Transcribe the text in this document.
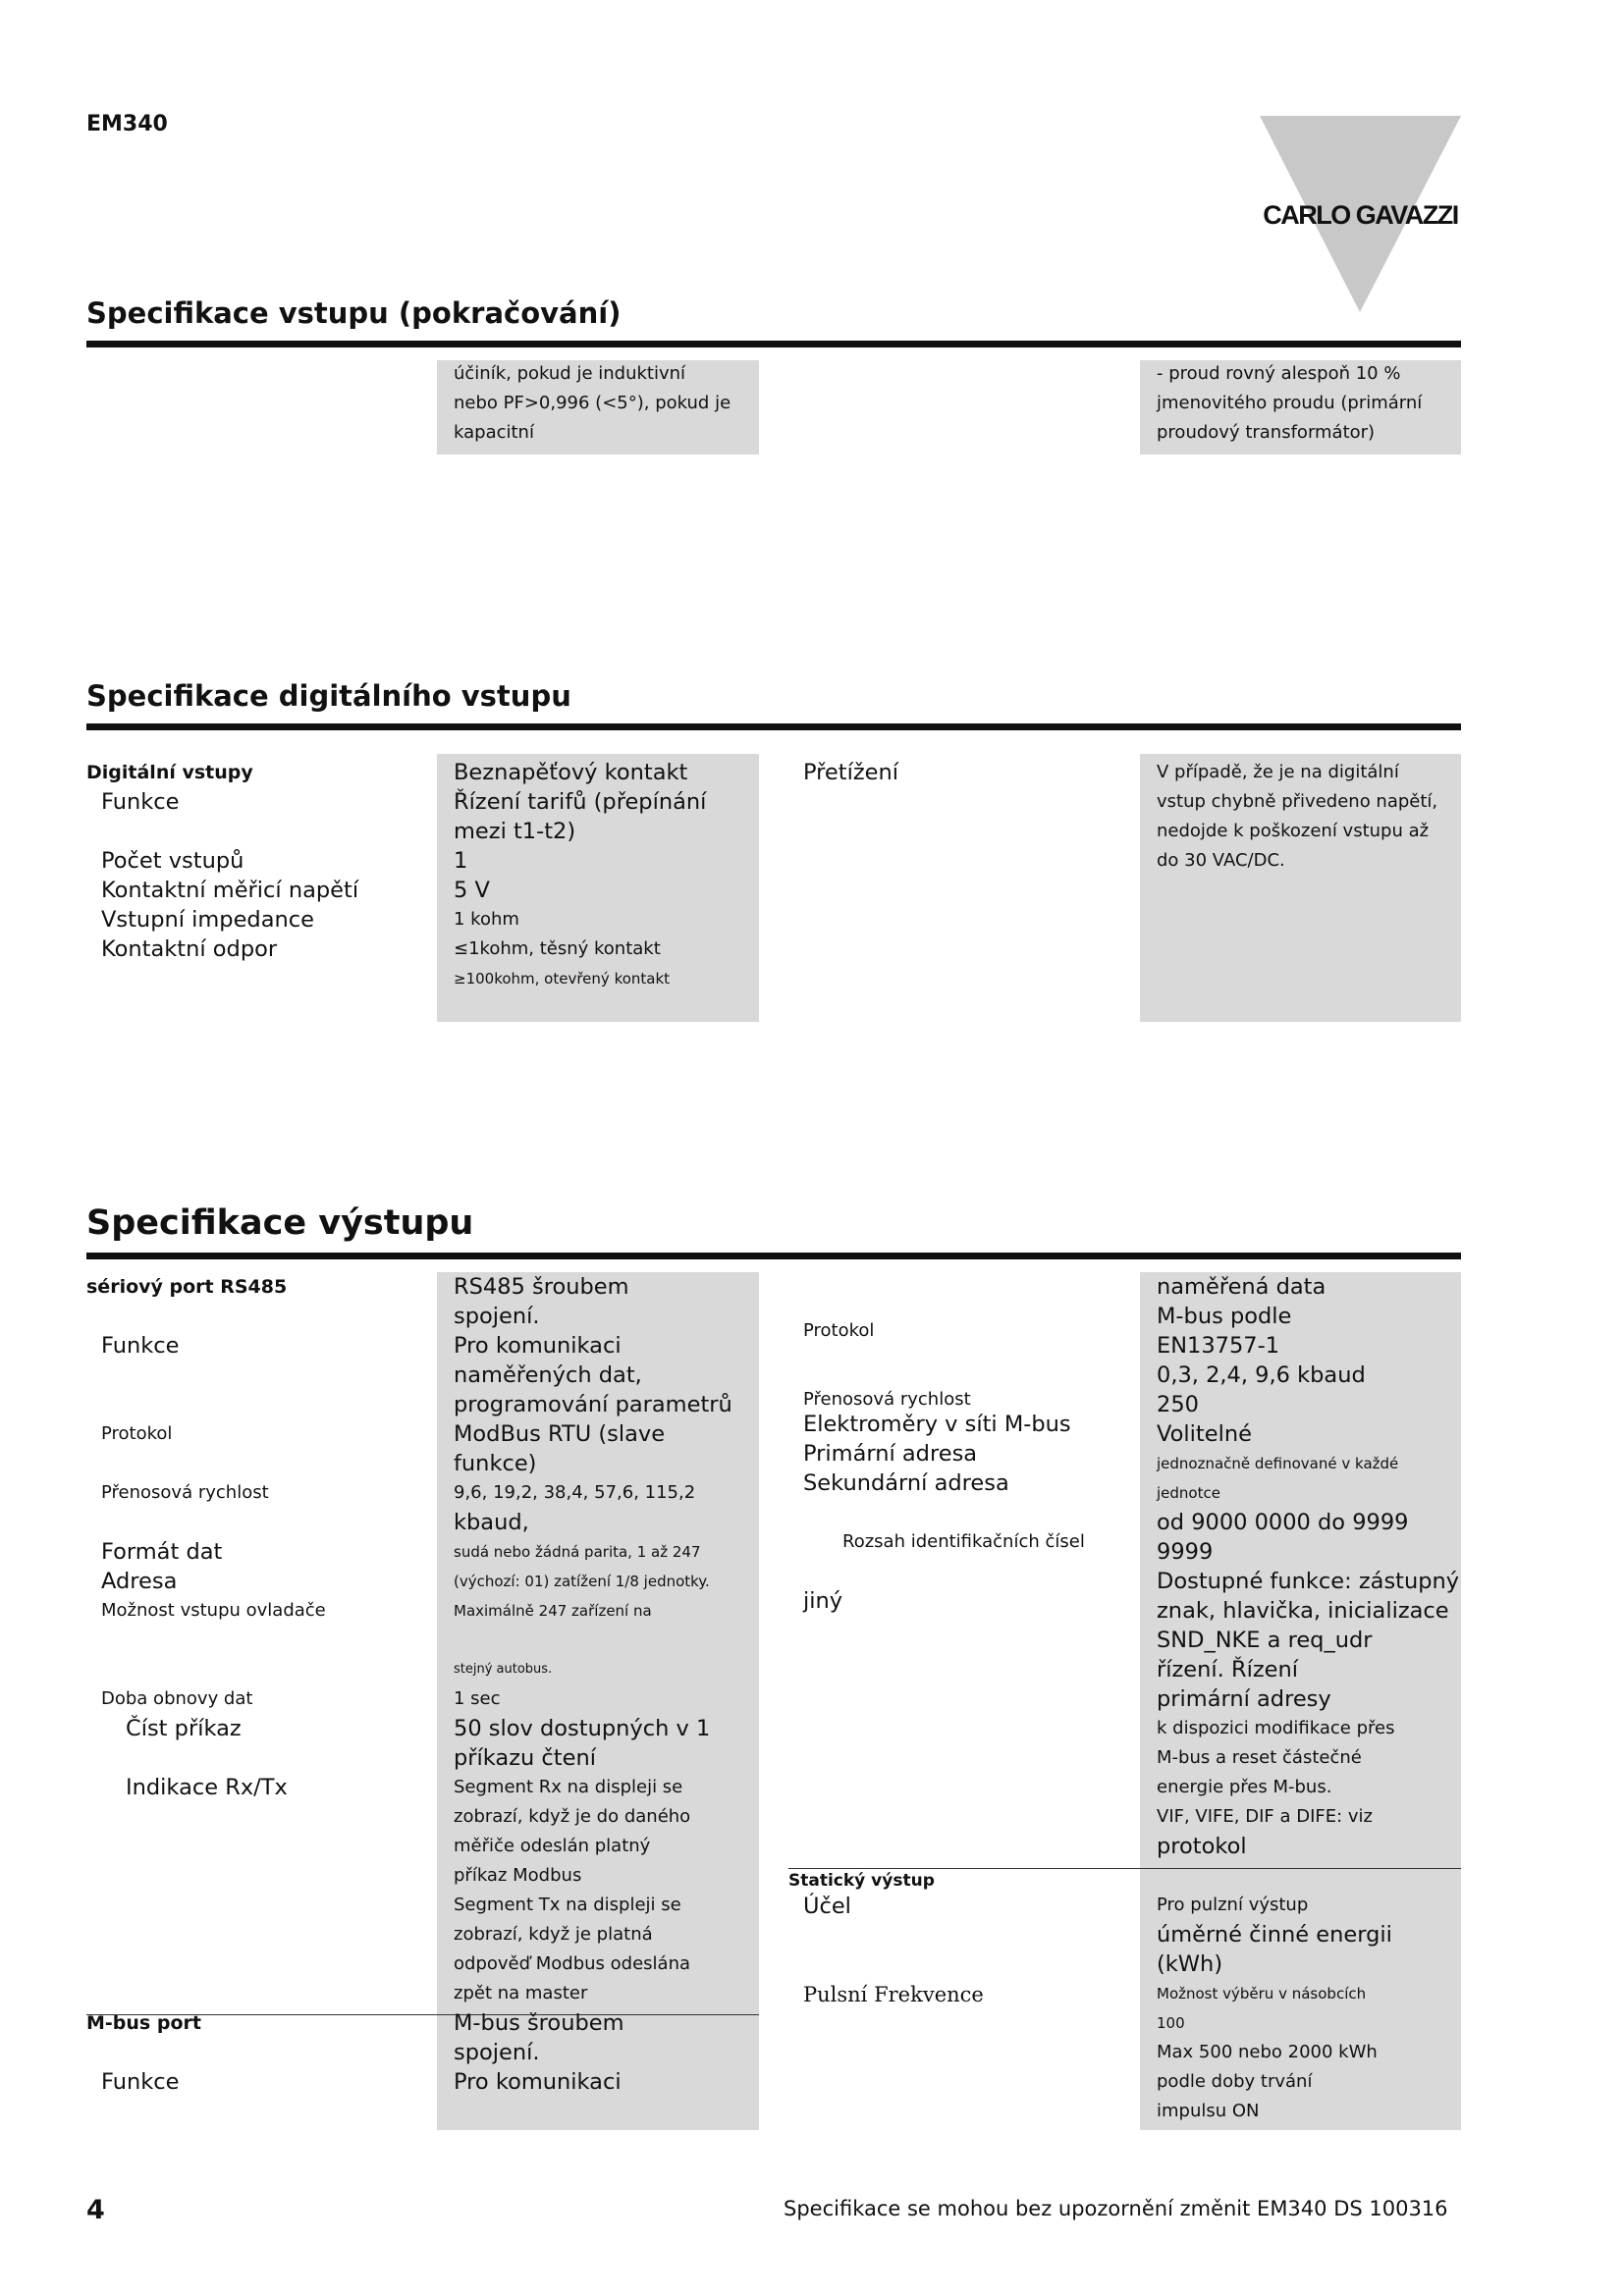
EM340
CARLO GAVAZZI
Specifikace vstupu (pokračování)
účiník, pokud je induktivní
nebo PF>0,996 (<5°), pokud je
kapacitní
- proud rovný alespoň 10 %
jmenovitého proudu (primární
proudový transformátor)
Specifikace digitálního vstupu
Digitální vstupy
Funkce
Počet vstupů
Kontaktní měřicí napětí
Vstupní impedance
Kontaktní odpor
Beznapěťový kontakt
Řízení tarifů (přepínání
mezi t1-t2)
1
5 V
1 kohm
≤1kohm, těsný kontakt
≥100kohm, otevřený kontakt
Přetížení	V případě, že je na digitální
vstup chybně přivedeno napětí,
nedojde k poškození vstupu až
do 30 VAC/DC.
Specifikace výstupu
sériový port RS485
Funkce
Protokol
Přenosová rychlost
Formát dat
Adresa
Možnost vstupu ovladače
Doba obnovy dat
Číst příkaz
Indikace Rx/Tx
M-bus port
Funkce
RS485 šroubem
spojení.
Pro komunikaci
naměřených dat,
programování parametrů
ModBus RTU (slave
funkce)
9,6, 19,2, 38,4, 57,6, 115,2
kbaud,
sudá nebo žádná parita, 1 až 247
(výchozí: 01) zatížení 1/8 jednotky.
Maximálně 247 zařízení na
stejný autobus.
1 sec
50 slov dostupných v 1
příkazu čtení
Segment Rx na displeji se
zobrazí, když je do daného
měřiče odeslán platný
příkaz Modbus
Segment Tx na displeji se
zobrazí, když je platná
odpověď Modbus odeslána
zpět na master
M-bus šroubem
spojení.
Pro komunikaci
Protokol
Přenosová rychlost
Elektroměry v síti M-bus
Primární adresa
Sekundární adresa
Rozsah identifikačních čísel
jiný
Statický výstup
Účel
Pulsní Frekvence
naměřená data
M-bus podle
EN13757-1
0,3, 2,4, 9,6 kbaud
250
Volitelné
jednoznačně definované v každé
jednotce
od 9000 0000 do 9999
9999
Dostupné funkce: zástupný
znak, hlavička, inicializace
SND_NKE a req_udr
řízení. Řízení
primární adresy
k dispozici modifikace přes
M-bus a reset částečné
energie přes M-bus.
VIF, VIFE, DIF a DIFE: viz
protokol
Pro pulzní výstup
úměrné činné energii
(kWh)
Možnost výběru v násobcích
100
Max 500 nebo 2000 kWh
podle doby trvání
impulsu ON
4	Specifikace se mohou bez upozornění změnit EM340 DS 100316
